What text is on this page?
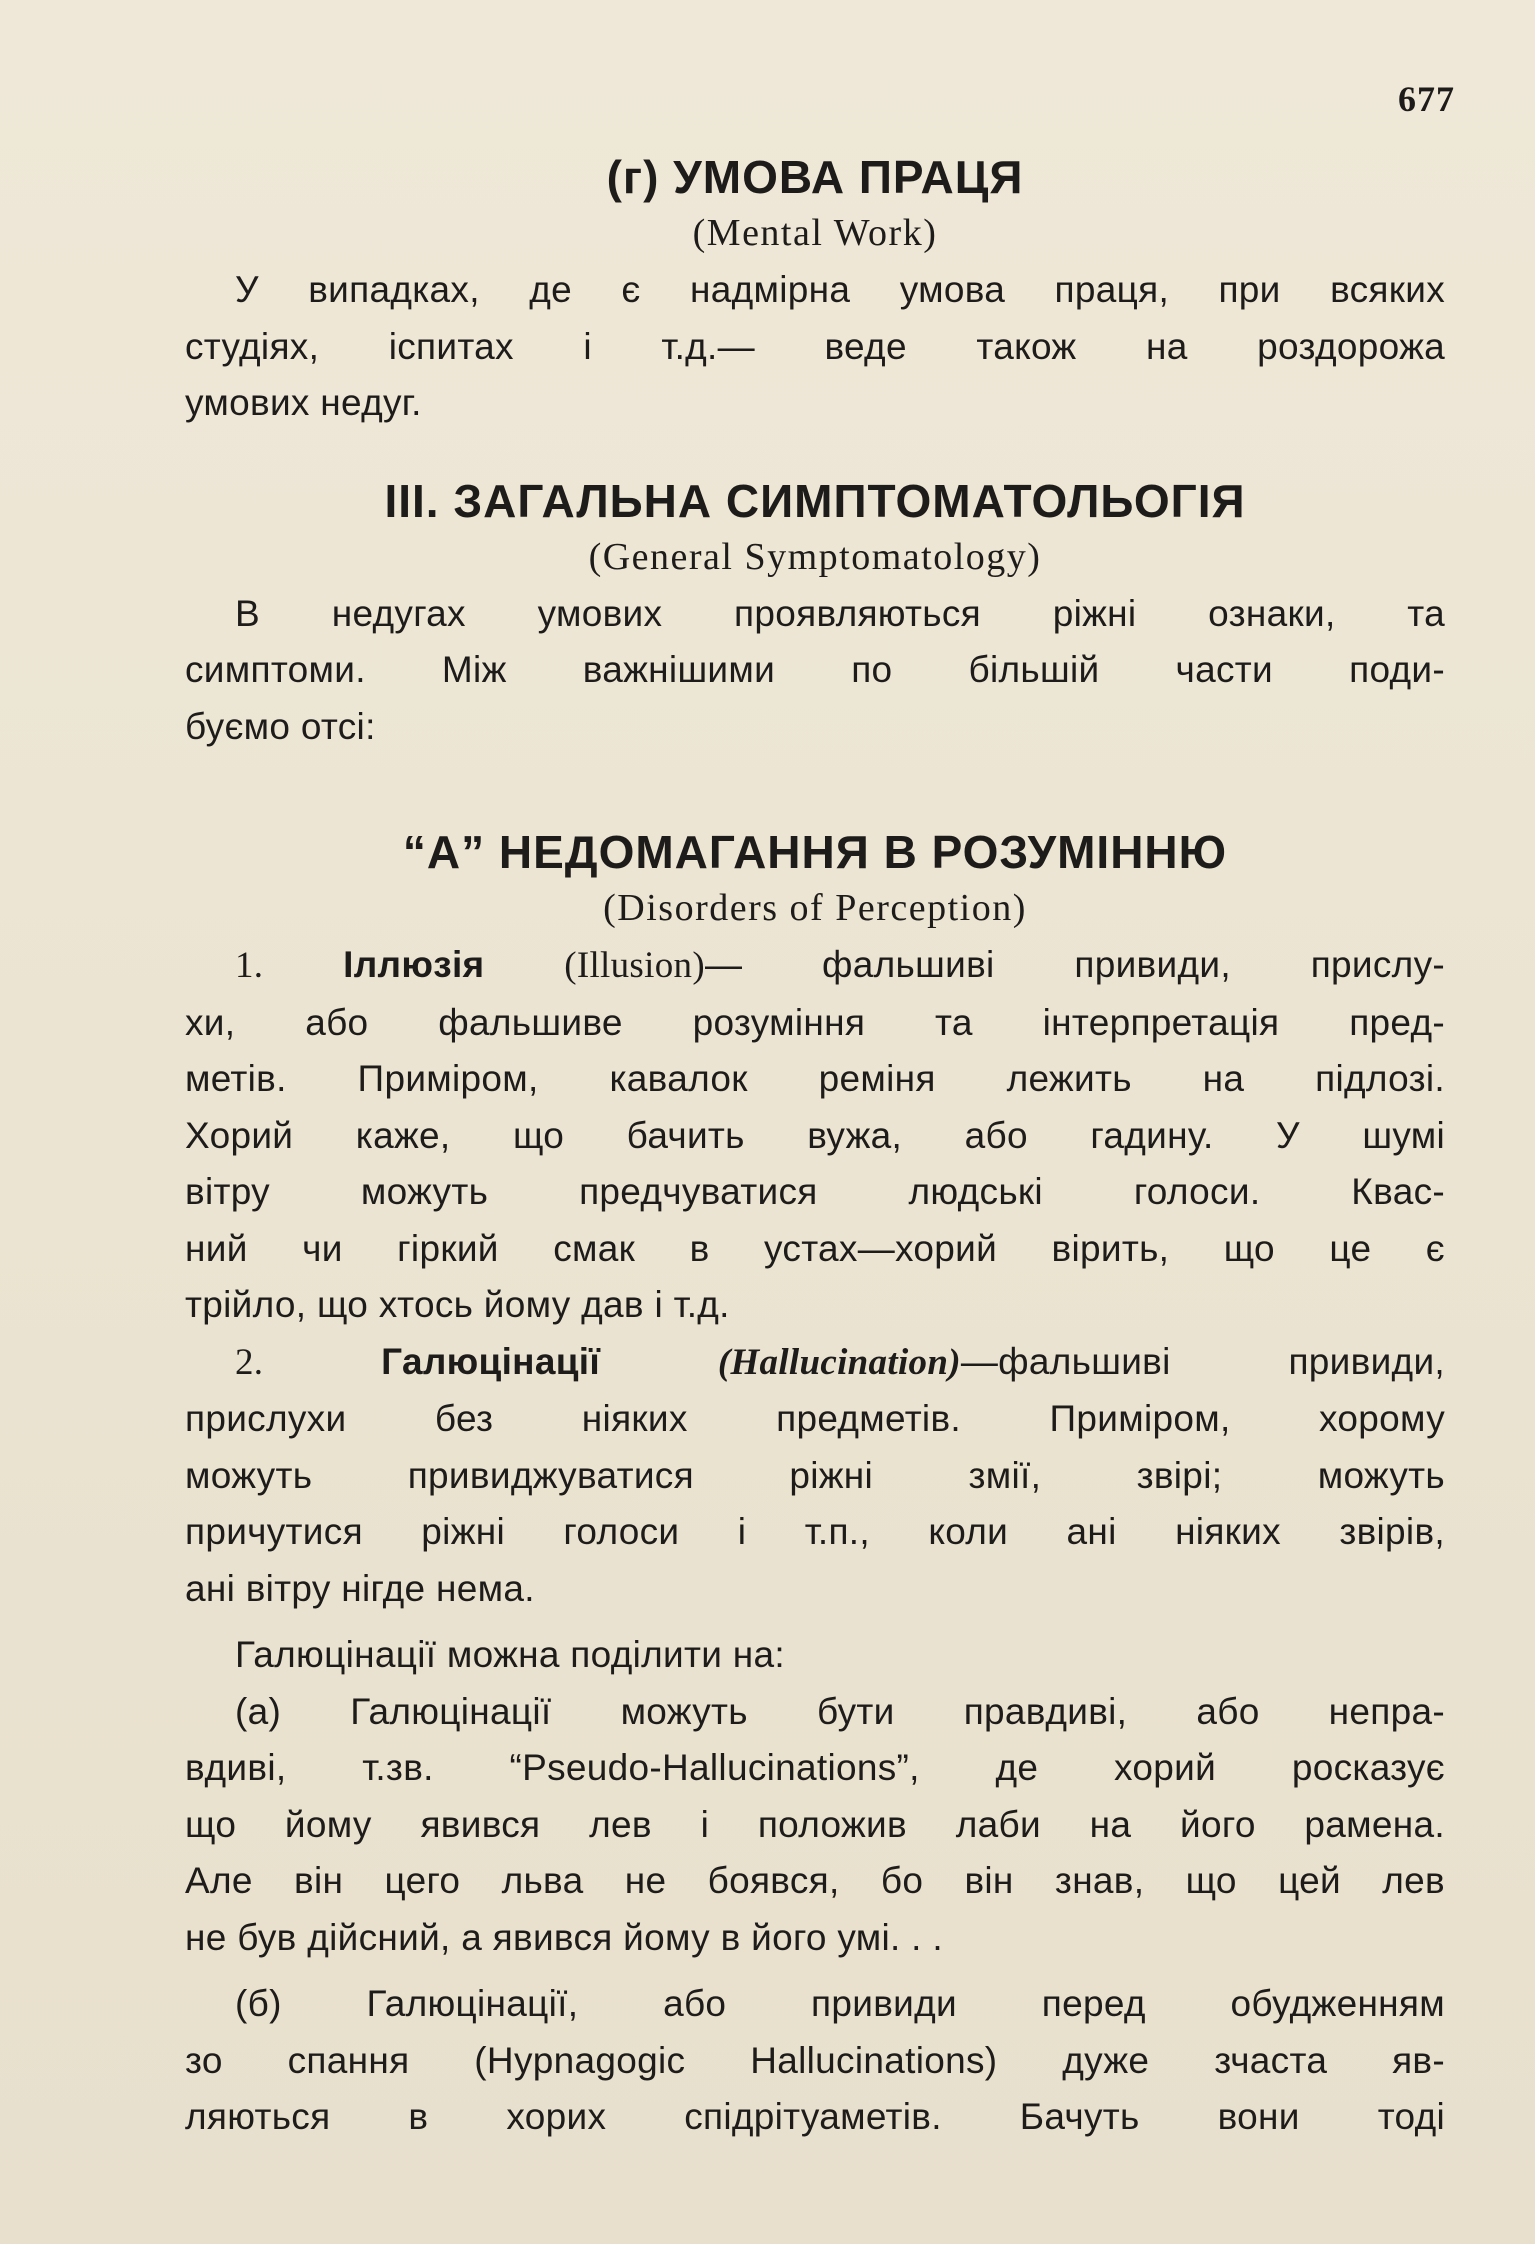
677
(г) УМОВА ПРАЦЯ
(Mental Work)

У випадках, де є надмірна умова праця, при всяких
студіях, іспитах і т.д.— веде також на роздорожа
умових недуг.

III. ЗАГАЛЬНА СИМПТОМАТОЛЬОГІЯ
(General Symptomatology)

В недугах умових проявляються ріжні ознаки, та
симптоми. Між важнішими по більшій части поди-
буємо отсі:

“А” НЕДОМАГАННЯ В РОЗУМІННЮ
(Disorders of Perception)

1. Іллюзія (Illusion)— фальшиві привиди, прислу-
хи, або фальшиве розуміння та інтерпретація пред-
метів. Приміром, кавалок реміня лежить на підлозі.
Хорий каже, що бачить вужа, або гадину. У шумі
вітру можуть предчуватися людські голоси. Квас-
ний чи гіркий смак в устах—хорий вірить, що це є
трійло, що хтось йому дав і т.д.

2.	Галюцінації	(Hallucination)—фальшиві привиди,
прислухи без ніяких предметів. Приміром, хорому
можуть привиджуватися ріжні змії, звірі; можуть
причутися ріжні голоси і т.п., коли ані ніяких звірів,
ані вітру нігде нема.

Галюцінації можна поділити на:

(а) Галюцінації можуть бути правдиві, або непра-
вдиві, т.зв. “Pseudo-Hallucinations”, де хорий росказує
що йому явився лев і положив лаби на його рамена.
Але він цего льва не боявся, бо він знав, що цей лев
не був дійсний, а явився йому в його умі. . .

(б) Галюцінації, або привиди перед обудженням
зо спання (Hypnagogic Hallucinations) дуже зчаста яв-
ляються в хорих спідрітуаметів. Бачуть вони тоді
